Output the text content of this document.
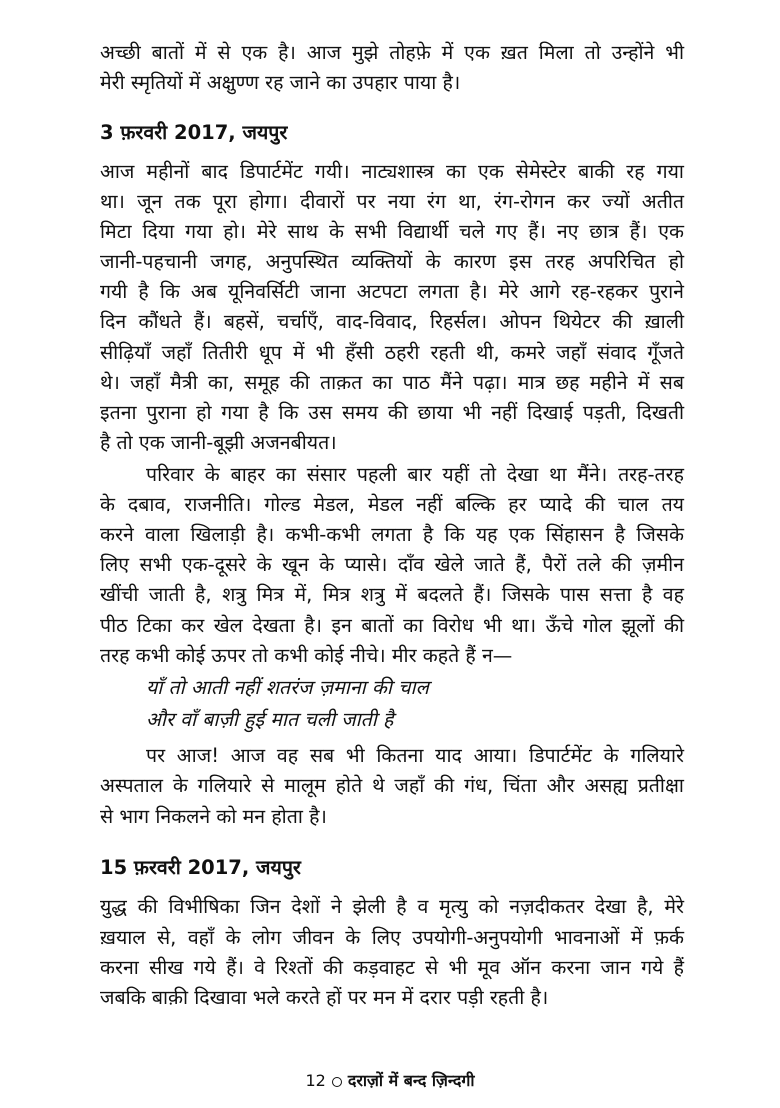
अच्छी बातों में से एक है। आज मुझे तोहफ़े में एक ख़त मिला तो उन्होंने भी
मेरी स्मृतियों में अक्षुण्ण रह जाने का उपहार पाया है।
3 फ़रवरी 2017, जयपुर
आज महीनों बाद डिपार्टमेंट गयी। नाट्यशास्त्र का एक सेमेस्टेर बाकी रह गया
था। जून तक पूरा होगा। दीवारों पर नया रंग था, रंग-रोगन कर ज्यों अतीत
मिटा दिया गया हो। मेरे साथ के सभी विद्यार्थी चले गए हैं। नए छात्र हैं। एक
जानी-पहचानी जगह, अनुपस्थित व्यक्तियों के कारण इस तरह अपरिचित हो
गयी है कि अब यूनिवर्सिटी जाना अटपटा लगता है। मेरे आगे रह-रहकर पुराने
दिन कौंधते हैं। बहसें, चर्चाएँ, वाद-विवाद, रिहर्सल। ओपन थियेटर की ख़ाली
सीढ़ियाँ जहाँ तितीरी धूप में भी हँसी ठहरी रहती थी, कमरे जहाँ संवाद गूँजते
थे। जहाँ मैत्री का, समूह की ताक़त का पाठ मैंने पढ़ा। मात्र छह महीने में सब
इतना पुराना हो गया है कि उस समय की छाया भी नहीं दिखाई पड़ती, दिखती
है तो एक जानी-बूझी अजनबीयत।
परिवार के बाहर का संसार पहली बार यहीं तो देखा था मैंने। तरह-तरह
के दबाव, राजनीति। गोल्ड मेडल, मेडल नहीं बल्कि हर प्यादे की चाल तय
करने वाला खिलाड़ी है। कभी-कभी लगता है कि यह एक सिंहासन है जिसके
लिए सभी एक-दूसरे के खून के प्यासे। दाँव खेले जाते हैं, पैरों तले की ज़मीन
खींची जाती है, शत्रु मित्र में, मित्र शत्रु में बदलते हैं। जिसके पास सत्ता है वह
पीठ टिका कर खेल देखता है। इन बातों का विरोध भी था। ऊँचे गोल झूलों की
तरह कभी कोई ऊपर तो कभी कोई नीचे। मीर कहते हैं न—
याँ तो आती नहीं शतरंज ज़माना की चाल
और वाँ बाज़ी हुई मात चली जाती है
पर आज! आज वह सब भी कितना याद आया। डिपार्टमेंट के गलियारे
अस्पताल के गलियारे से मालूम होते थे जहाँ की गंध, चिंता और असह्य प्रतीक्षा
से भाग निकलने को मन होता है।
15 फ़रवरी 2017, जयपुर
युद्ध की विभीषिका जिन देशों ने झेली है व मृत्यु को नज़दीकतर देखा है, मेरे
ख़याल से, वहाँ के लोग जीवन के लिए उपयोगी-अनुपयोगी भावनाओं में फ़र्क
करना सीख गये हैं। वे रिश्तों की कड़वाहट से भी मूव ऑन करना जान गये हैं
जबकि बाक़ी दिखावा भले करते हों पर मन में दरार पड़ी रहती है।
12 दराज़ों में बन्द ज़िन्दगी
